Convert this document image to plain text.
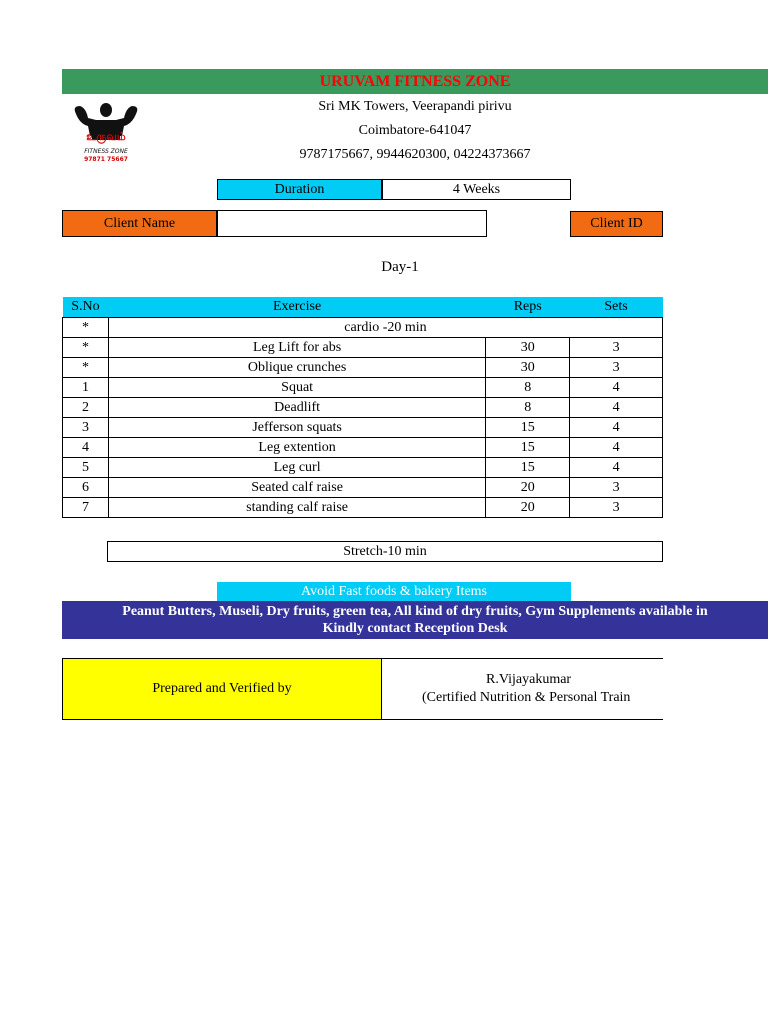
URUVAM FITNESS ZONE
உருவம்
FITNESS ZONE
97871 75667
Sri MK Towers, Veerapandi pirivu
Coimbatore-641047
9787175667, 9944620300, 04224373667
Duration	4 Weeks
Client Name	Client ID
Day-1
S.No	Exercise	Reps	Sets
*	cardio -20 min		
*	Leg Lift for abs	30	3
*	Oblique crunches	30	3
1	Squat	8	4
2	Deadlift	8	4
3	Jefferson squats	15	4
4	Leg extention	15	4
5	Leg curl	15	4
6	Seated calf raise	20	3
7	standing calf raise	20	3
Stretch-10 min
Avoid Fast foods & bakery Items
Peanut Butters, Museli, Dry fruits, green tea, All kind of dry fruits, Gym Supplements available in
Kindly contact Reception Desk
Prepared and Verified by
R.Vijayakumar
(Certified Nutrition & Personal Train
